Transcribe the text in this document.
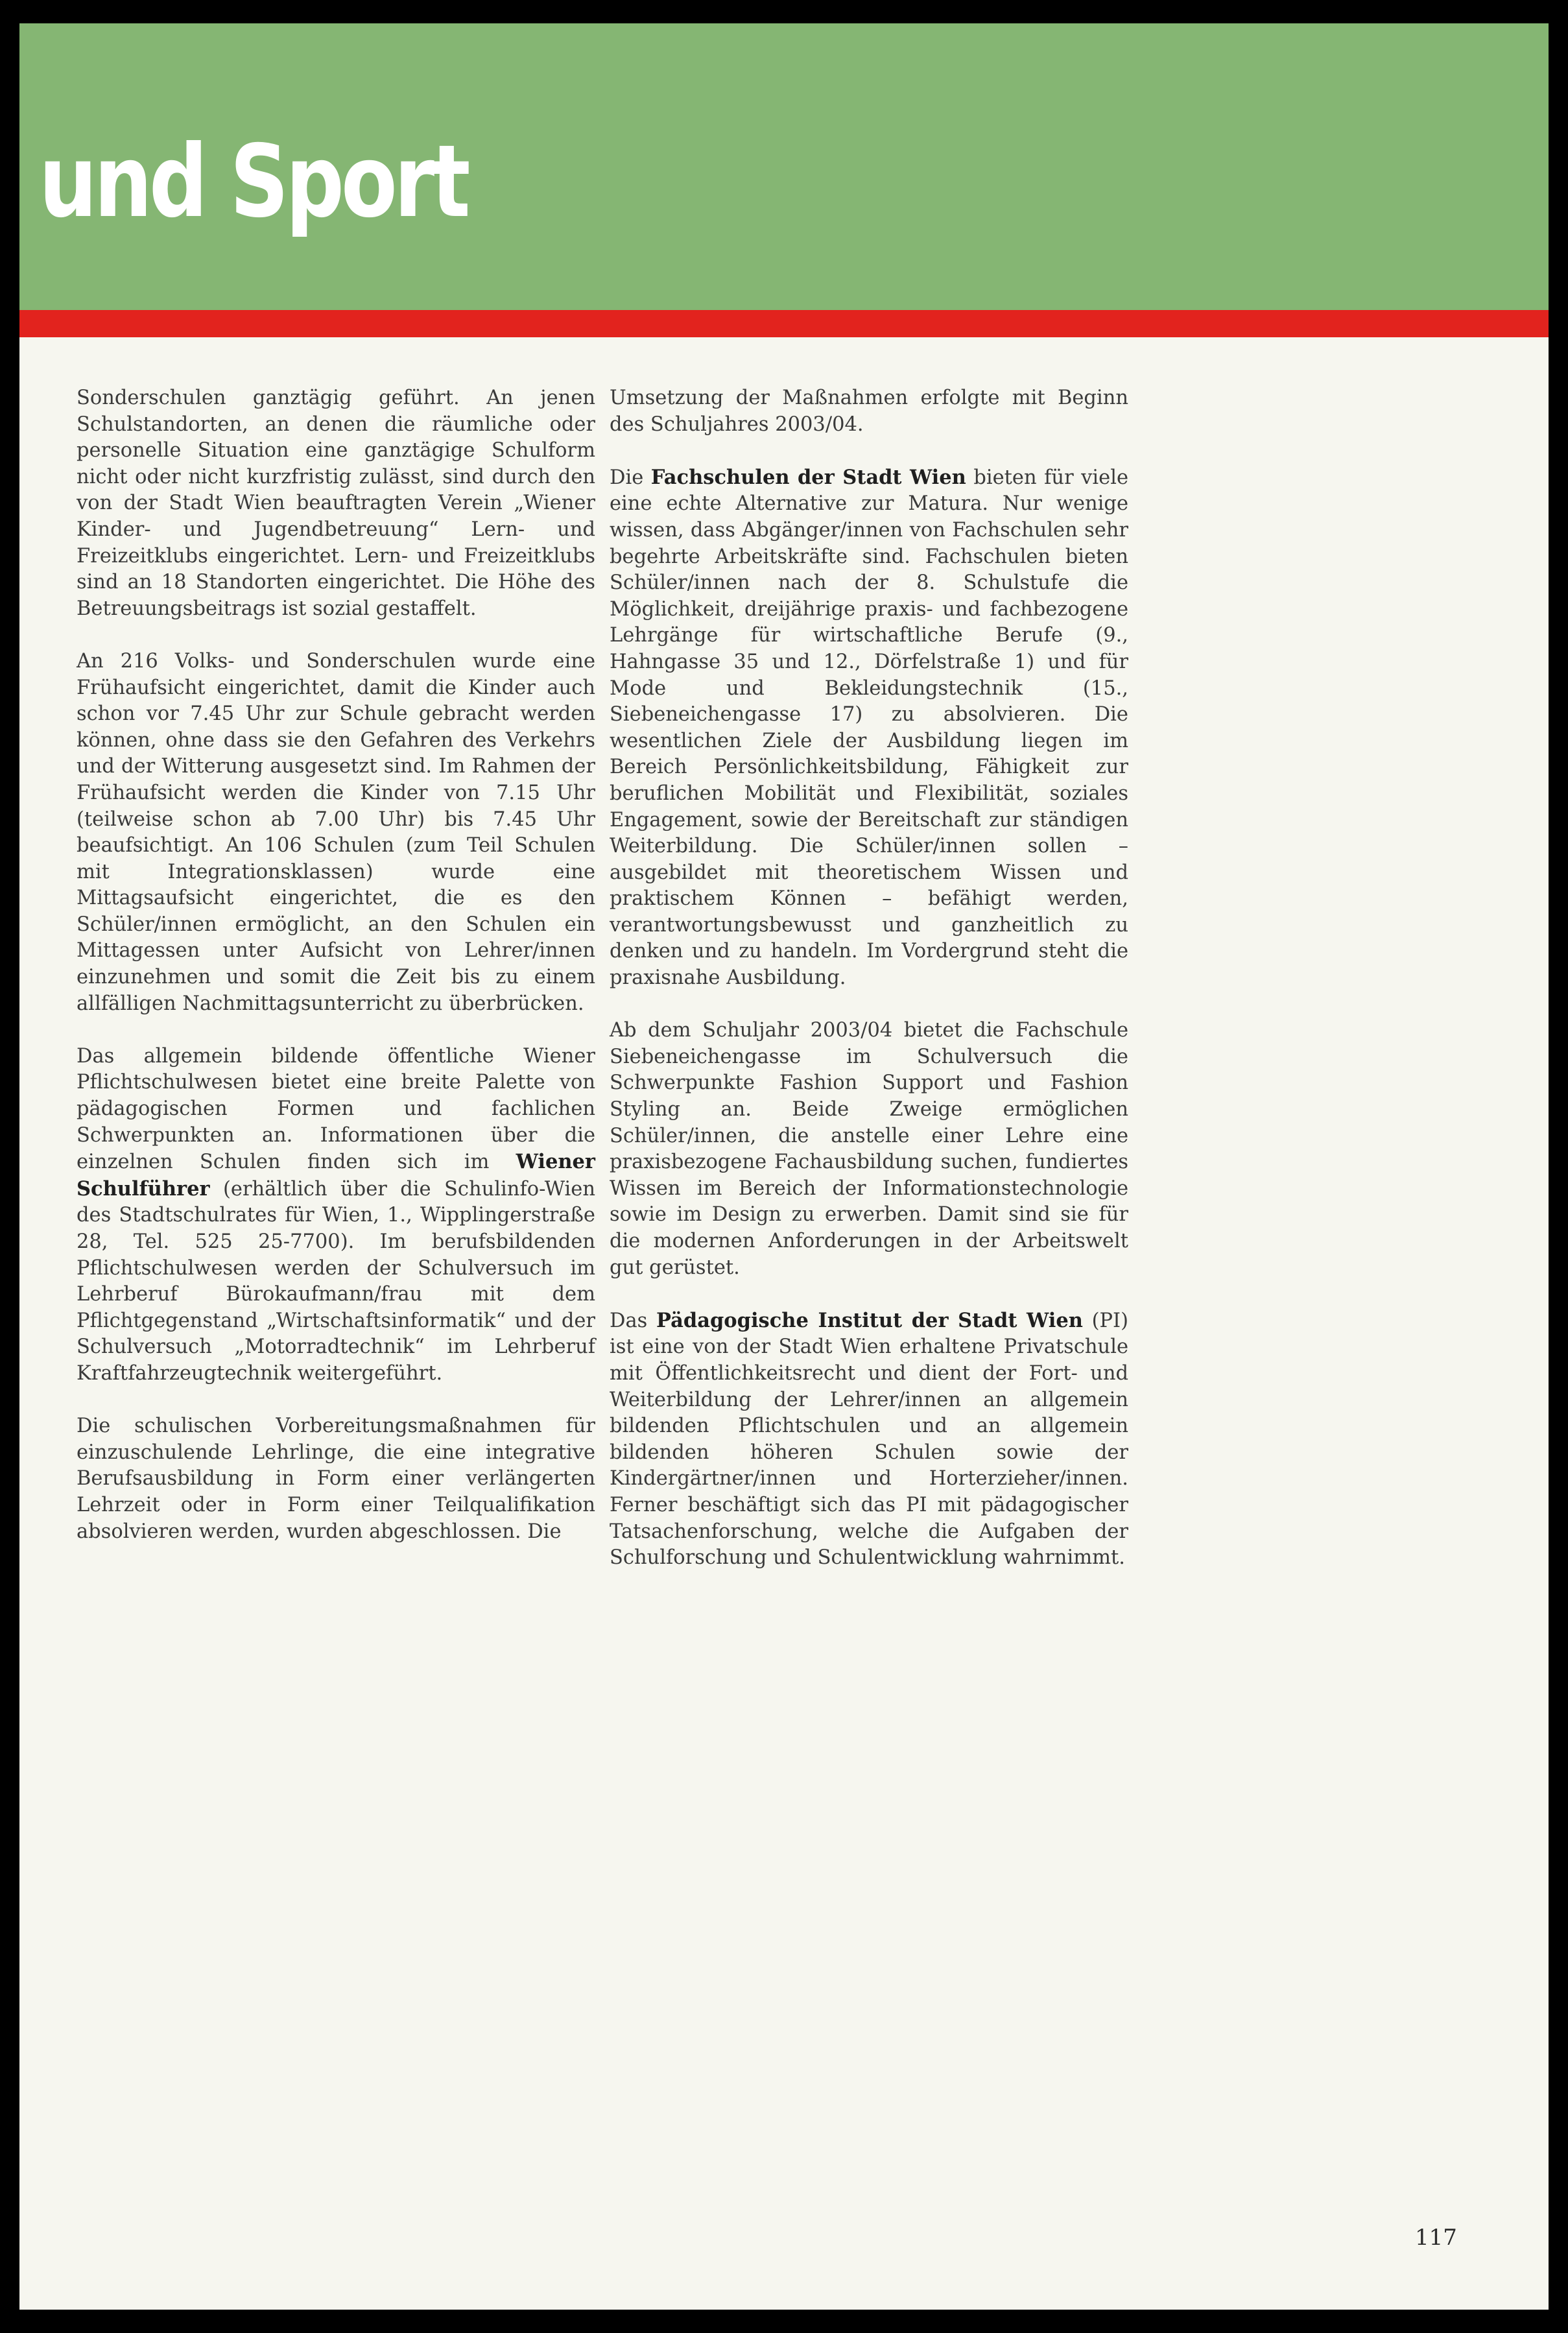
und Sport

Sonderschulen ganztägig geführt. An jenen Schulstandorten, an denen die räumliche oder personelle Situation eine ganztägige Schulform nicht oder nicht kurzfristig zulässt, sind durch den von der Stadt Wien beauftragten Verein „Wiener Kinder- und Jugendbetreuung“ Lern- und Freizeitklubs eingerichtet. Lern- und Freizeitklubs sind an 18 Standorten eingerichtet. Die Höhe des Betreuungsbeitrags ist sozial gestaffelt.

An 216 Volks- und Sonderschulen wurde eine Frühaufsicht eingerichtet, damit die Kinder auch schon vor 7.45 Uhr zur Schule gebracht werden können, ohne dass sie den Gefahren des Verkehrs und der Witterung ausgesetzt sind. Im Rahmen der Frühaufsicht werden die Kinder von 7.15 Uhr (teilweise schon ab 7.00 Uhr) bis 7.45 Uhr beaufsichtigt. An 106 Schulen (zum Teil Schulen mit Integrationsklassen) wurde eine Mittagsaufsicht eingerichtet, die es den Schüler/innen ermöglicht, an den Schulen ein Mittagessen unter Aufsicht von Lehrer/innen einzunehmen und somit die Zeit bis zu einem allfälligen Nachmittagsunterricht zu überbrücken.

Das allgemein bildende öffentliche Wiener Pflichtschulwesen bietet eine breite Palette von pädagogischen Formen und fachlichen Schwerpunkten an. Informationen über die einzelnen Schulen finden sich im Wiener Schulführer (erhältlich über die Schulinfo-Wien des Stadtschulrates für Wien, 1., Wipplingerstraße 28, Tel. 525 25-7700). Im berufsbildenden Pflichtschulwesen werden der Schulversuch im Lehrberuf Bürokaufmann/frau mit dem Pflichtgegenstand „Wirtschaftsinformatik“ und der Schulversuch „Motorradtechnik“ im Lehrberuf Kraftfahrzeugtechnik weitergeführt.

Die schulischen Vorbereitungsmaßnahmen für einzuschulende Lehrlinge, die eine integrative Berufsausbildung in Form einer verlängerten Lehrzeit oder in Form einer Teilqualifikation absolvieren werden, wurden abgeschlossen. Die

Umsetzung der Maßnahmen erfolgte mit Beginn des Schuljahres 2003/04.

Die Fachschulen der Stadt Wien bieten für viele eine echte Alternative zur Matura. Nur wenige wissen, dass Abgänger/innen von Fachschulen sehr begehrte Arbeitskräfte sind. Fachschulen bieten Schüler/innen nach der 8. Schulstufe die Möglichkeit, dreijährige praxis- und fachbezogene Lehrgänge für wirtschaftliche Berufe (9., Hahngasse 35 und 12., Dörfelstraße 1) und für Mode und Bekleidungstechnik (15., Siebeneichengasse 17) zu absolvieren. Die wesentlichen Ziele der Ausbildung liegen im Bereich Persönlichkeitsbildung, Fähigkeit zur beruflichen Mobilität und Flexibilität, soziales Engagement, sowie der Bereitschaft zur ständigen Weiterbildung. Die Schüler/innen sollen – ausgebildet mit theoretischem Wissen und praktischem Können – befähigt werden, verantwortungsbewusst und ganzheitlich zu denken und zu handeln. Im Vordergrund steht die praxisnahe Ausbildung.

Ab dem Schuljahr 2003/04 bietet die Fachschule Siebeneichengasse im Schulversuch die Schwerpunkte Fashion Support und Fashion Styling an. Beide Zweige ermöglichen Schüler/innen, die anstelle einer Lehre eine praxisbezogene Fachausbildung suchen, fundiertes Wissen im Bereich der Informationstechnologie sowie im Design zu erwerben. Damit sind sie für die modernen Anforderungen in der Arbeitswelt gut gerüstet.

Das Pädagogische Institut der Stadt Wien (PI) ist eine von der Stadt Wien erhaltene Privatschule mit Öffentlichkeitsrecht und dient der Fort- und Weiterbildung der Lehrer/innen an allgemein bildenden Pflichtschulen und an allgemein bildenden höheren Schulen sowie der Kindergärtner/innen und Horterzieher/innen. Ferner beschäftigt sich das PI mit pädagogischer Tatsachenforschung, welche die Aufgaben der Schulforschung und Schulentwicklung wahrnimmt.

117
